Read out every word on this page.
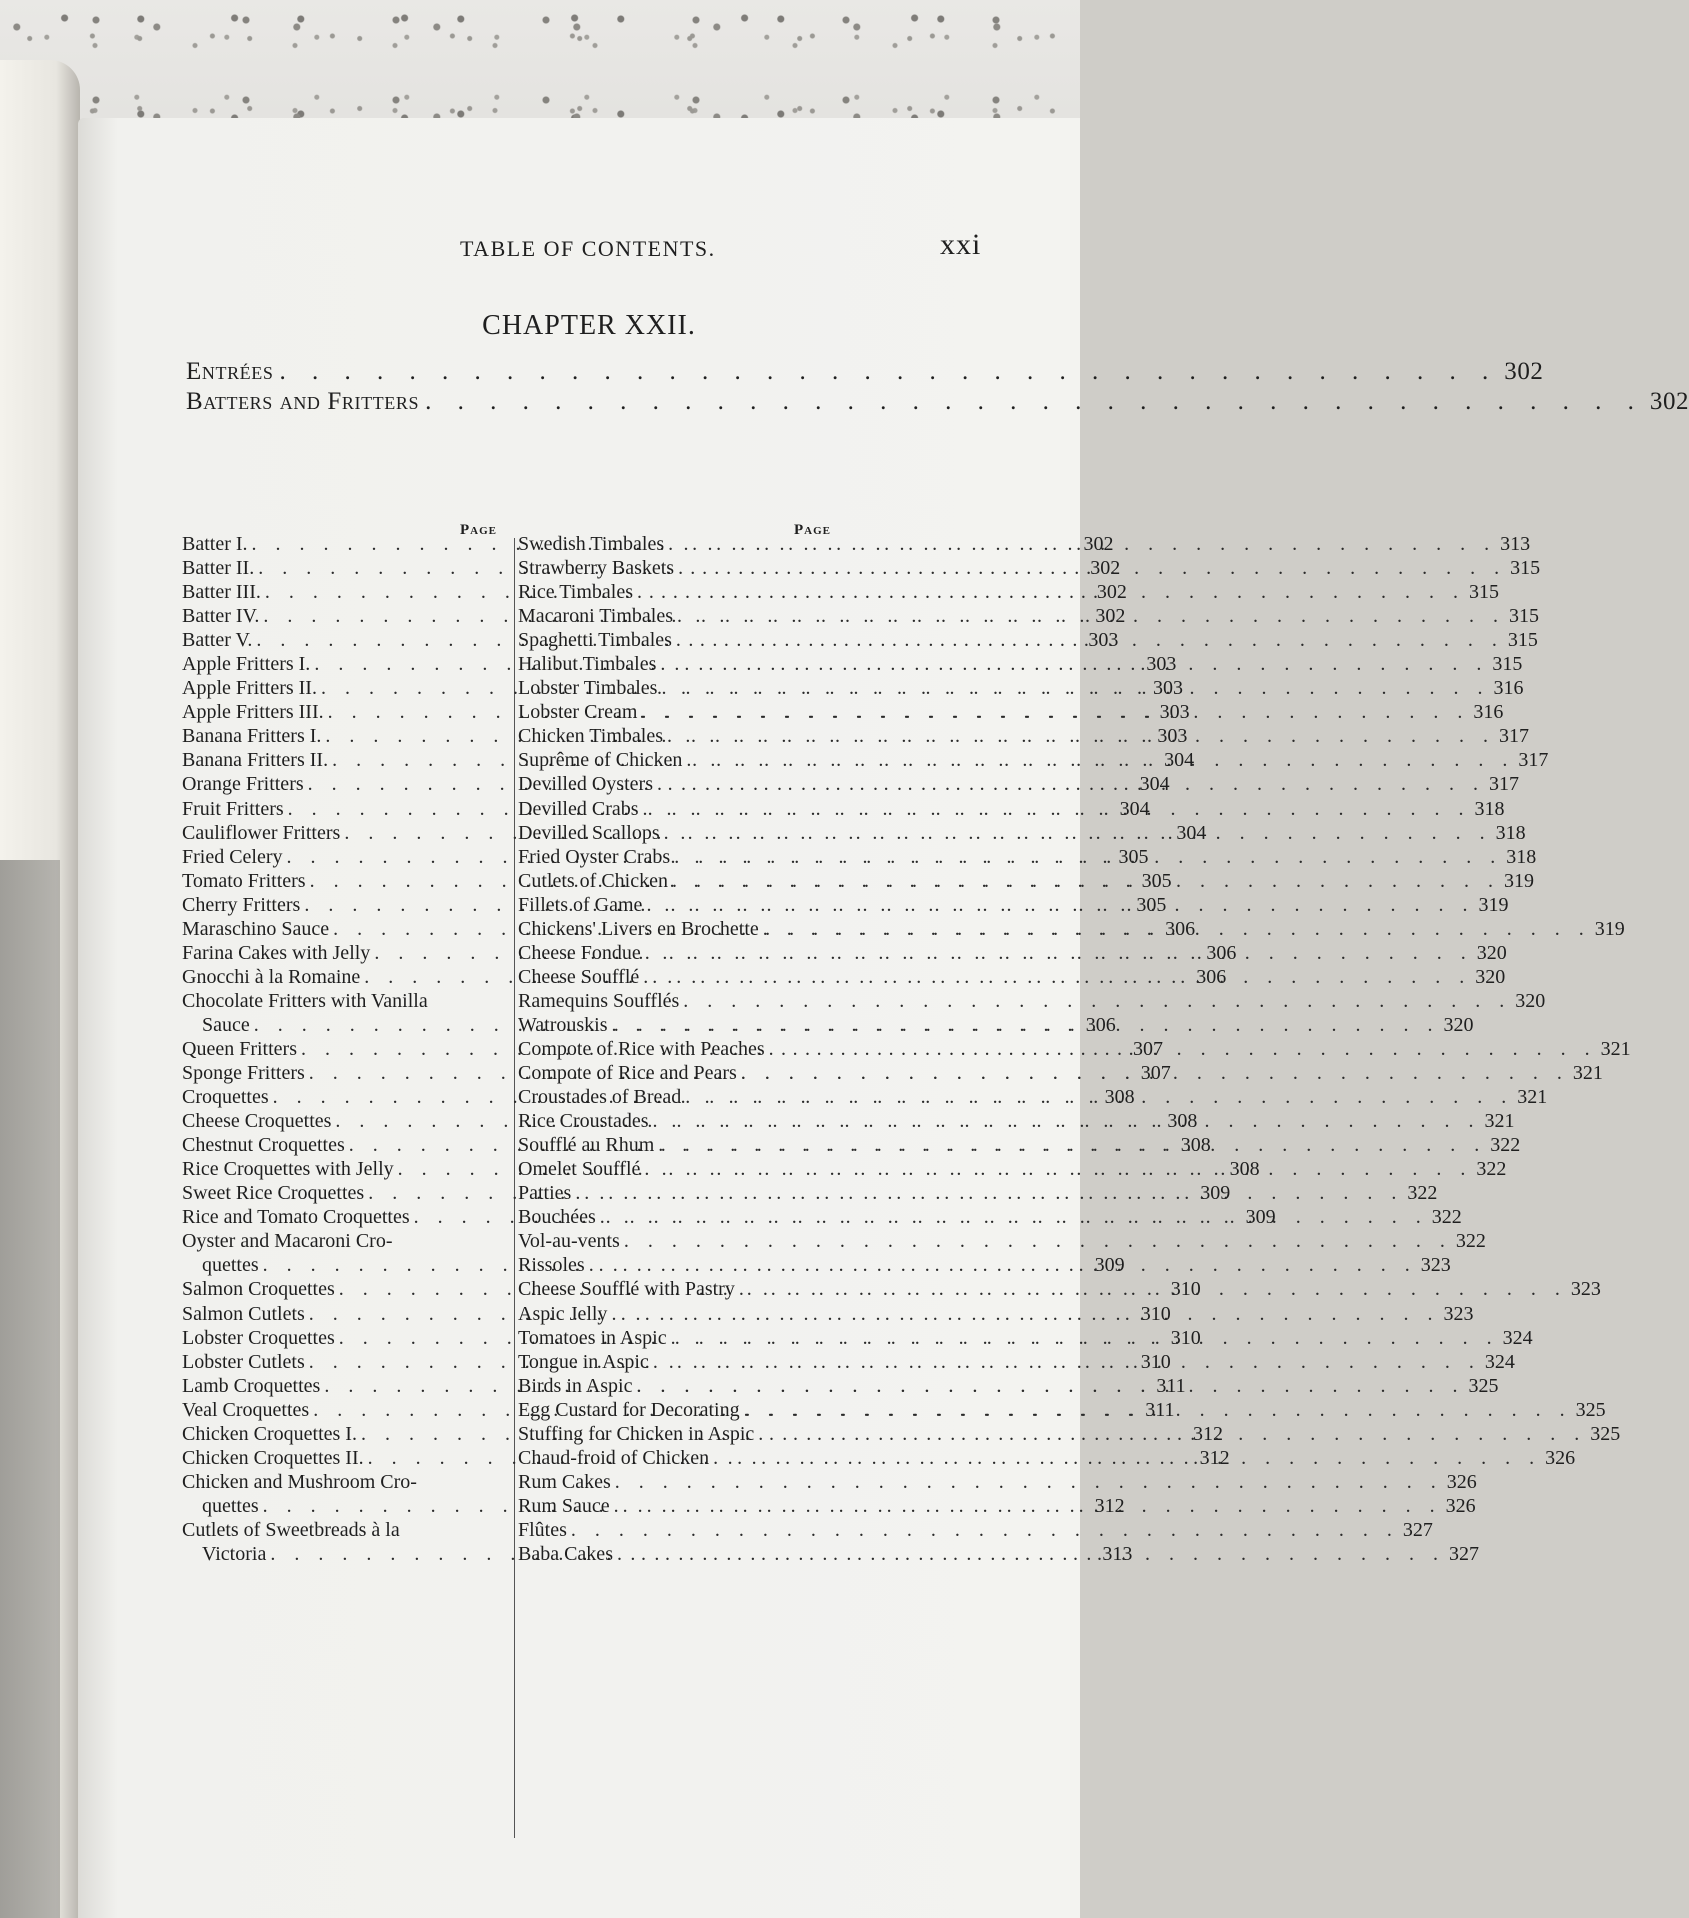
TABLE OF CONTENTS.	xxi
CHAPTER XXII.
Entrées . . .	302
Batters and Fritters . . .	302
Page	Page
Batter I. . . .	302
Batter II. . . .	302
Batter III. . . .	302
Batter IV. . . .	302
Batter V. . . .	303
Apple Fritters I. . . .	303
Apple Fritters II. . . .	303
Apple Fritters III. . . .	303
Banana Fritters I. . . .	303
Banana Fritters II. . . .	304
Orange Fritters . . .	304
Fruit Fritters . . .	304
Cauliflower Fritters . . .	304
Fried Celery . . .	305
Tomato Fritters . . .	305
Cherry Fritters . . .	305
Maraschino Sauce . . .	306
Farina Cakes with Jelly . . .	306
Gnocchi à la Romaine . . .	306
Chocolate Fritters with Vanilla
Sauce . . .	306
Queen Fritters . . .	307
Sponge Fritters . . .	307
Croquettes . . .	308
Cheese Croquettes . . .	308
Chestnut Croquettes . . .	308
Rice Croquettes with Jelly . . .	308
Sweet Rice Croquettes . . .	309
Rice and Tomato Croquettes . . .	309
Oyster and Macaroni Cro-
quettes . . .	309
Salmon Croquettes . . .	310
Salmon Cutlets . . .	310
Lobster Croquettes . . .	310
Lobster Cutlets . . .	310
Lamb Croquettes . . .	311
Veal Croquettes . . .	311
Chicken Croquettes I. . . .	312
Chicken Croquettes II. . . .	312
Chicken and Mushroom Cro-
quettes . . .	312
Cutlets of Sweetbreads à la
Victoria . . .	313
Swedish Timbales . . .	313
Strawberry Baskets . . .	315
Rice Timbales . . .	315
Macaroni Timbales . . .	315
Spaghetti Timbales . . .	315
Halibut Timbales . . .	315
Lobster Timbales . . .	316
Lobster Cream . . .	316
Chicken Timbales . . .	317
Suprême of Chicken . . .	317
Devilled Oysters . . .	317
Devilled Crabs . . .	318
Devilled Scallops . . .	318
Fried Oyster Crabs . . .	318
Cutlets of Chicken . . .	319
Fillets of Game . . .	319
Chickens' Livers en Brochette . . .	319
Cheese Fondue . . .	320
Cheese Soufflé . . .	320
Ramequins Soufflés . . .	320
Watrouskis . . .	320
Compote of Rice with Peaches . . .	321
Compote of Rice and Pears . . .	321
Croustades of Bread . . .	321
Rice Croustades . . .	321
Soufflé au Rhum . . .	322
Omelet Soufflé . . .	322
Patties . . .	322
Bouchées . . .	322
Vol-au-vents . . .	322
Rissoles . . .	323
Cheese Soufflé with Pastry . . .	323
Aspic Jelly . . .	323
Tomatoes in Aspic . . .	324
Tongue in Aspic . . .	324
Birds in Aspic . . .	325
Egg Custard for Decorating . . .	325
Stuffing for Chicken in Aspic . . .	325
Chaud-froid of Chicken . . .	326
Rum Cakes . . .	326
Rum Sauce . . .	326
Flûtes . . .	327
Baba Cakes . . .	327
